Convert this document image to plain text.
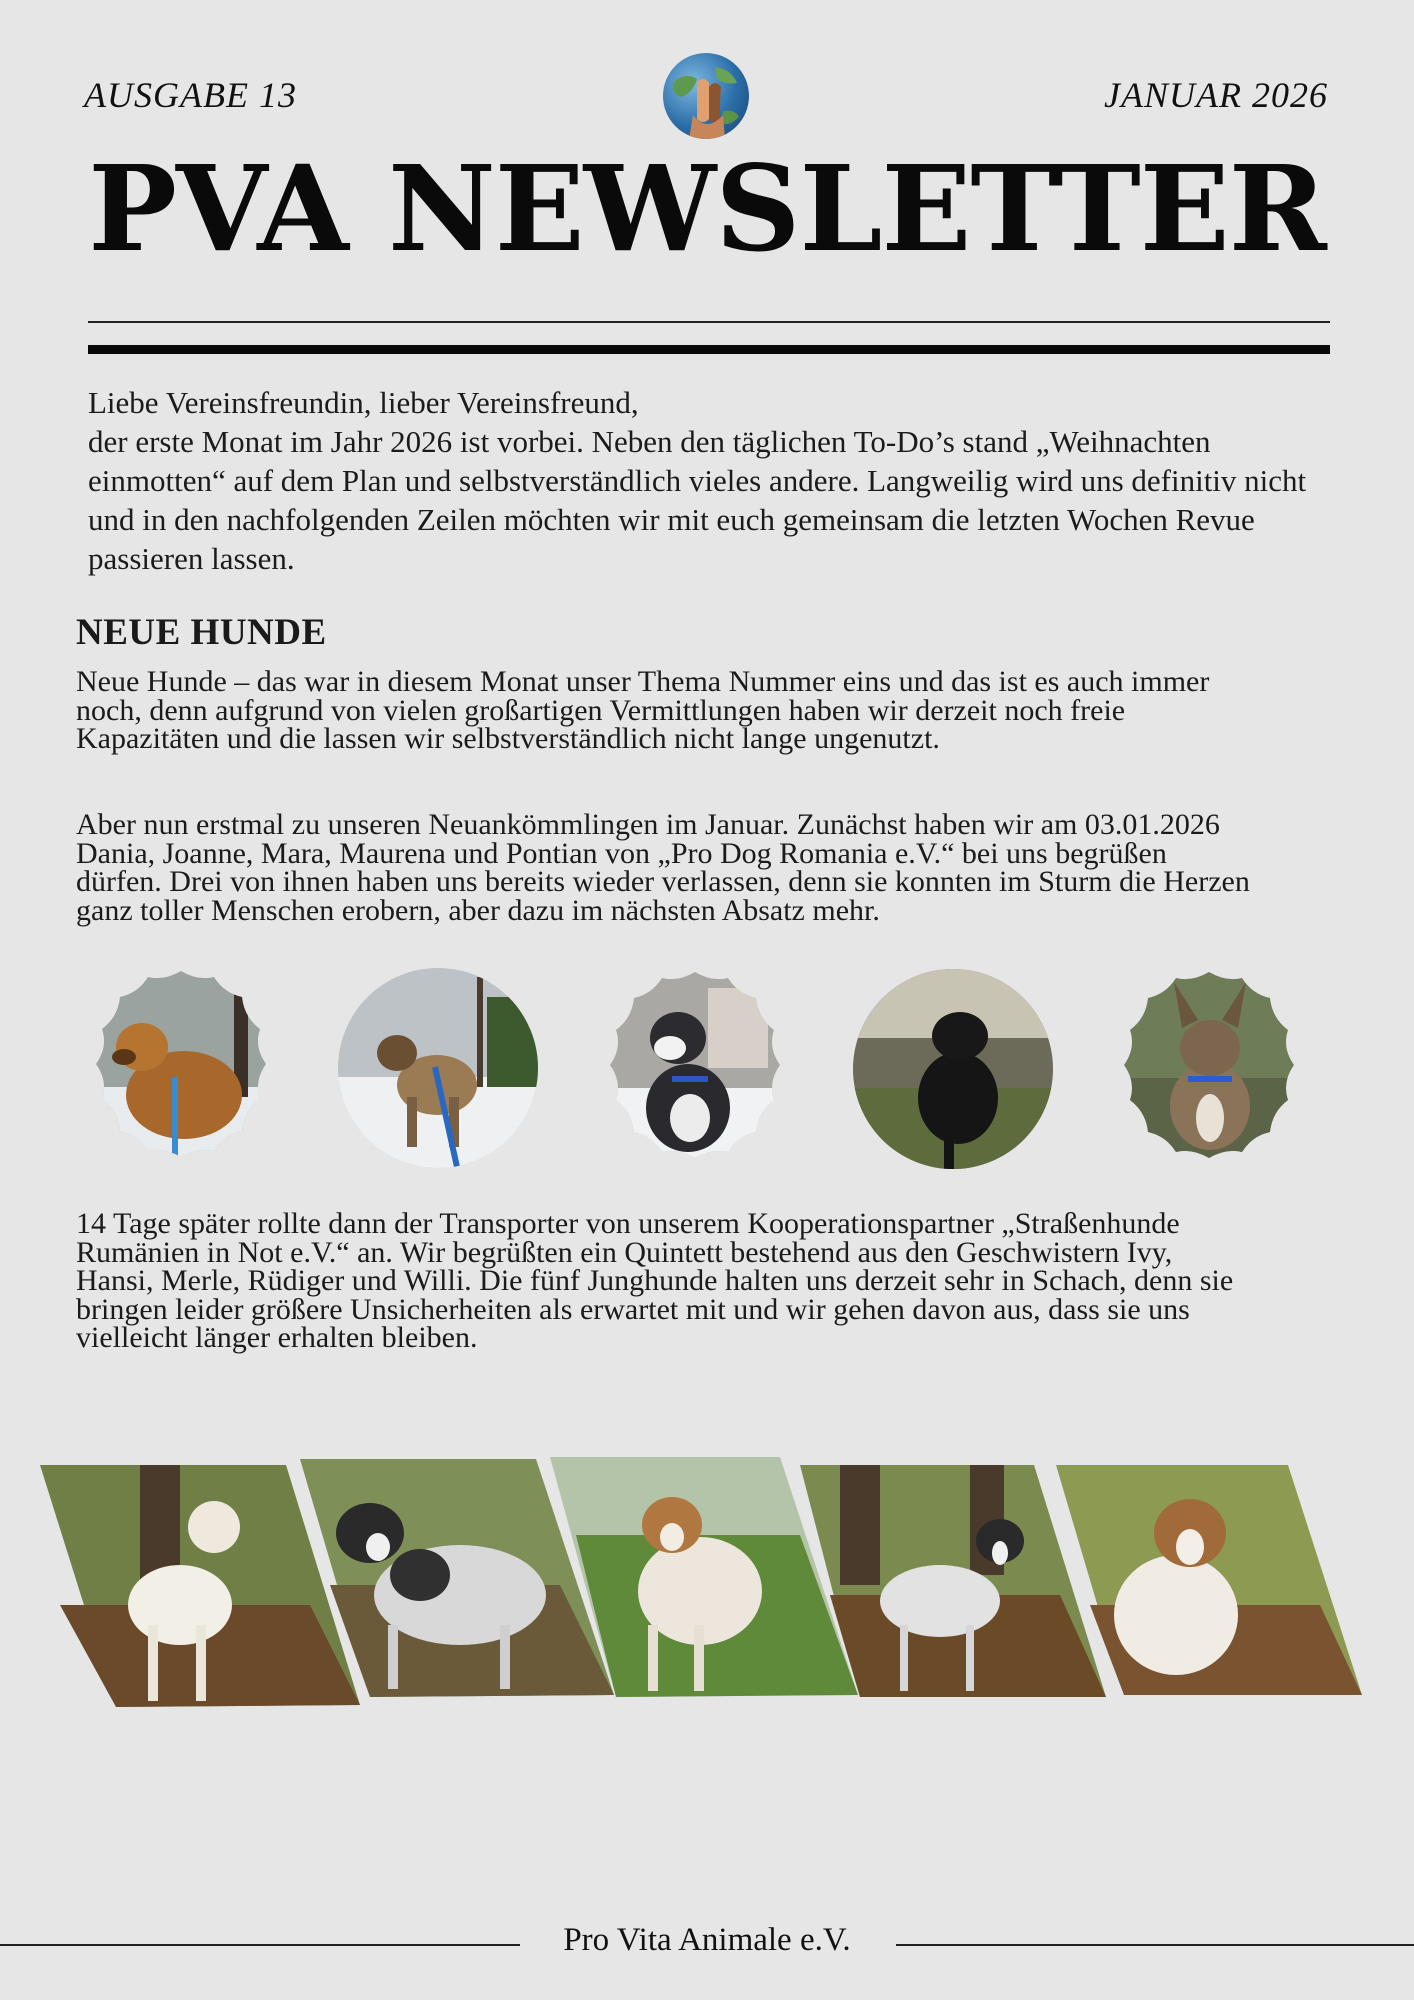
AUSGABE 13	JANUAR 2026
PVA NEWSLETTER

Liebe Vereinsfreundin, lieber Vereinsfreund,

der erste Monat im Jahr 2026 ist vorbei. Neben den täglichen To-Do’s stand „Weihnachten einmotten“ auf dem Plan und selbstverständlich vieles andere. Langweilig wird uns definitiv nicht und in den nachfolgenden Zeilen möchten wir mit euch gemeinsam die letzten Wochen Revue passieren lassen.

NEUE HUNDE
Neue Hunde – das war in diesem Monat unser Thema Nummer eins und das ist es auch immer noch, denn aufgrund von vielen großartigen Vermittlungen haben wir derzeit noch freie Kapazitäten und die lassen wir selbstverständlich nicht lange ungenutzt.
Aber nun erstmal zu unseren Neuankömmlingen im Januar. Zunächst haben wir am 03.01.2026 Dania, Joanne, Mara, Maurena und Pontian von „Pro Dog Romania e.V.“ bei uns begrüßen dürfen. Drei von ihnen haben uns bereits wieder verlassen, denn sie konnten im Sturm die Herzen ganz toller Menschen erobern, aber dazu im nächsten Absatz mehr.
14 Tage später rollte dann der Transporter von unserem Kooperationspartner „Straßenhunde Rumänien in Not e.V.“ an. Wir begrüßten ein Quintett bestehend aus den Geschwistern Ivy, Hansi, Merle, Rüdiger und Willi. Die fünf Junghunde halten uns derzeit sehr in Schach, denn sie bringen leider größere Unsicherheiten als erwartet mit und wir gehen davon aus, dass sie uns vielleicht länger erhalten bleiben.
Pro Vita Animale e.V.
